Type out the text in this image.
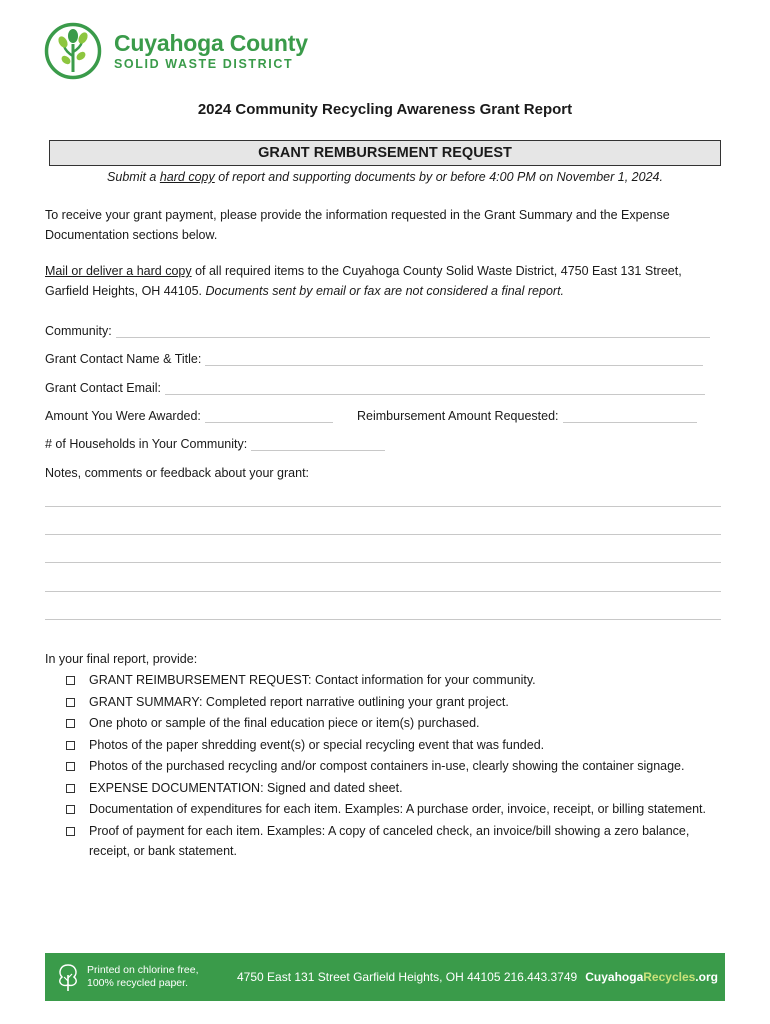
Cuyahoga County
SOLID WASTE DISTRICT
2024 Community Recycling Awareness Grant Report
GRANT REMBURSEMENT REQUEST
Submit a hard copy of report and supporting documents by or before 4:00 PM on November 1, 2024.
To receive your grant payment, please provide the information requested in the Grant Summary and the Expense Documentation sections below.
Mail or deliver a hard copy of all required items to the Cuyahoga County Solid Waste District, 4750 East 131 Street, Garfield Heights, OH 44105. Documents sent by email or fax are not considered a final report.
Community:
Grant Contact Name & Title:
Grant Contact Email:
Amount You Were Awarded:	Reimbursement Amount Requested:
# of Households in Your Community:
Notes, comments or feedback about your grant:
In your final report, provide:
GRANT REIMBURSEMENT REQUEST: Contact information for your community.
GRANT SUMMARY: Completed report narrative outlining your grant project.
One photo or sample of the final education piece or item(s) purchased.
Photos of the paper shredding event(s) or special recycling event that was funded.
Photos of the purchased recycling and/or compost containers in-use, clearly showing the container signage.
EXPENSE DOCUMENTATION: Signed and dated sheet.
Documentation of expenditures for each item. Examples: A purchase order, invoice, receipt, or billing statement.
Proof of payment for each item. Examples: A copy of canceled check, an invoice/bill showing a zero balance, receipt, or bank statement.
Printed on chlorine free,
100% recycled paper.	4750 East 131 Street Garfield Heights, OH 44105 216.443.3749 CuyahogaRecycles.org
